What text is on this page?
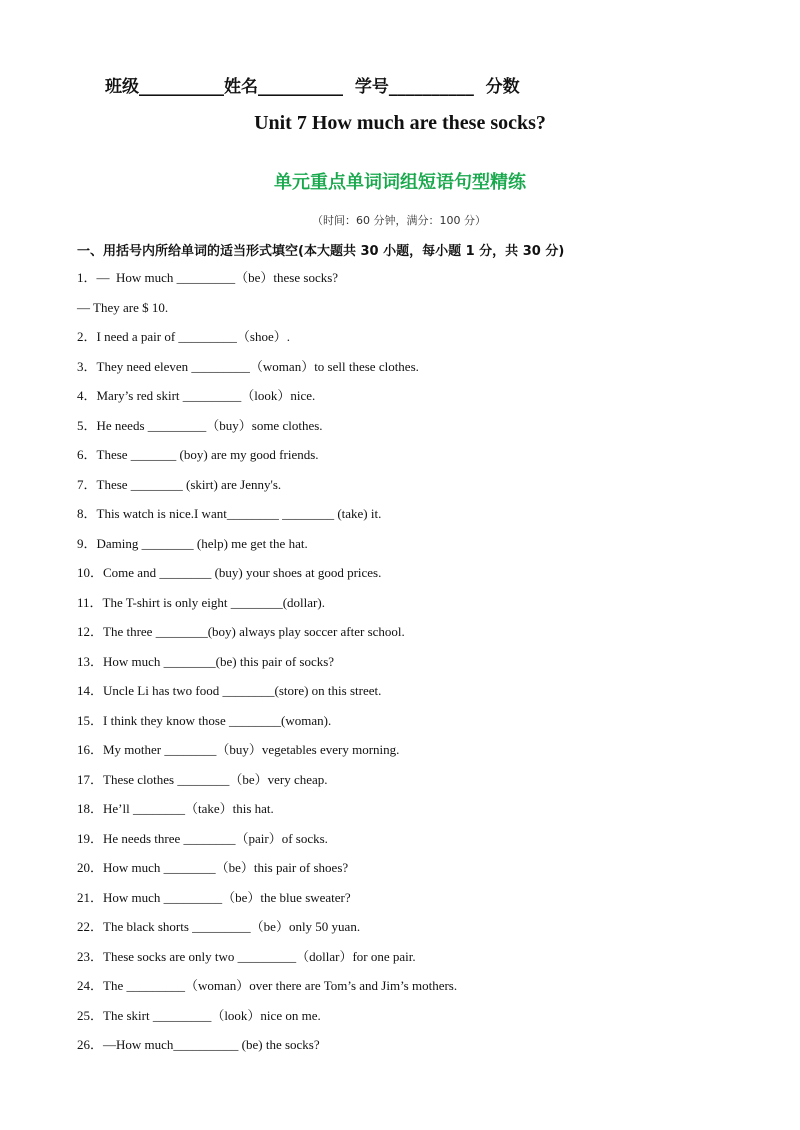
班级__________姓名__________  学号__________  分数
Unit 7 How much are these socks?
单元重点单词词组短语句型精练
（时间：60 分钟，满分：100 分）
一、用括号内所给单词的适当形式填空(本大题共 30 小题，每小题 1 分，共 30 分)
1．—  How much _________（be）these socks?
— They are $ 10.
2．I need a pair of _________（shoe）.
3．They need eleven _________（woman）to sell these clothes.
4．Mary’s red skirt _________（look）nice.
5．He needs _________（buy）some clothes.
6．These _______ (boy) are my good friends.
7．These ________ (skirt) are Jenny's.
8．This watch is nice.I want________ ________ (take) it.
9．Daming ________ (help) me get the hat.
10．Come and ________ (buy) your shoes at good prices.
11．The T-shirt is only eight ________(dollar).
12．The three ________(boy) always play soccer after school.
13．How much ________(be) this pair of socks?
14．Uncle Li has two food ________(store) on this street.
15．I think they know those ________(woman).
16．My mother ________（buy）vegetables every morning.
17．These clothes ________（be）very cheap.
18．He’ll ________（take）this hat.
19．He needs three ________（pair）of socks.
20．How much ________（be）this pair of shoes?
21．How much _________（be）the blue sweater?
22．The black shorts _________（be）only 50 yuan.
23．These socks are only two _________（dollar）for one pair.
24．The _________（woman）over there are Tom’s and Jim’s mothers.
25．The skirt _________（look）nice on me.
26．—How much__________ (be) the socks?
